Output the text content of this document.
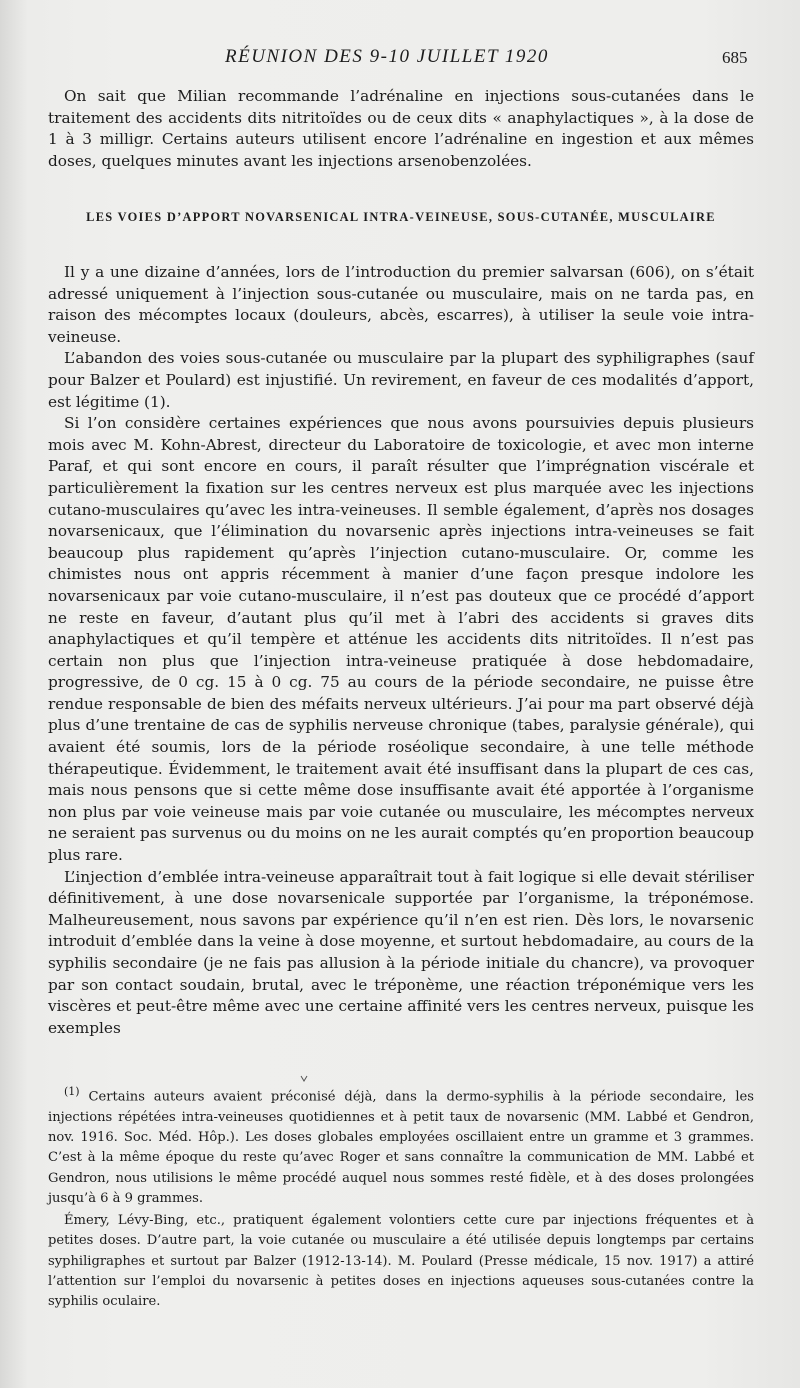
RÉUNION DES 9-10 JUILLET 1920	685

On sait que Milian recommande l’adrénaline en injections sous-cutanées dans le traitement des accidents dits nitritoïdes ou de ceux dits « anaphylactiques », à la dose de 1 à 3 milligr. Certains auteurs utilisent encore l’adrénaline en ingestion et aux mêmes doses, quelques minutes avant les injections arsenobenzolées.

LES VOIES D’APPORT NOVARSENICAL INTRA-VEINEUSE, SOUS-CUTANÉE, MUSCULAIRE

Il y a une dizaine d’années, lors de l’introduction du premier salvarsan (606), on s’était adressé uniquement à l’injection sous-cutanée ou musculaire, mais on ne tarda pas, en raison des mécomptes locaux (douleurs, abcès, escarres), à utiliser la seule voie intra-veineuse.

L’abandon des voies sous-cutanée ou musculaire par la plupart des syphiligraphes (sauf pour Balzer et Poulard) est injustifié. Un revirement, en faveur de ces modalités d’apport, est légitime (1).

Si l’on considère certaines expériences que nous avons poursuivies depuis plusieurs mois avec M. Kohn-Abrest, directeur du Laboratoire de toxicologie, et avec mon interne Paraf, et qui sont encore en cours, il paraît résulter que l’imprégnation viscérale et particulièrement la fixation sur les centres nerveux est plus marquée avec les injections cutano-musculaires qu’avec les intra-veineuses. Il semble également, d’après nos dosages novarsenicaux, que l’élimination du novarsenic après injections intra-veineuses se fait beaucoup plus rapidement qu’après l’injection cutano-musculaire. Or, comme les chimistes nous ont appris récemment à manier d’une façon presque indolore les novarsenicaux par voie cutano-musculaire, il n’est pas douteux que ce procédé d’apport ne reste en faveur, d’autant plus qu’il met à l’abri des accidents si graves dits anaphylactiques et qu’il tempère et atténue les accidents dits nitritoïdes. Il n’est pas certain non plus que l’injection intra-veineuse pratiquée à dose hebdomadaire, progressive, de 0 cg. 15 à 0 cg. 75 au cours de la période secondaire, ne puisse être rendue responsable de bien des méfaits nerveux ultérieurs. J’ai pour ma part observé déjà plus d’une trentaine de cas de syphilis nerveuse chronique (tabes, paralysie générale), qui avaient été soumis, lors de la période roséolique secondaire, à une telle méthode thérapeutique. Évidemment, le traitement avait été insuffisant dans la plupart de ces cas, mais nous pensons que si cette même dose insuffisante avait été apportée à l’organisme non plus par voie veineuse mais par voie cutanée ou musculaire, les mécomptes nerveux ne seraient pas survenus ou du moins on ne les aurait comptés qu’en proportion beaucoup plus rare.

L’injection d’emblée intra-veineuse apparaîtrait tout à fait logique si elle devait stériliser définitivement, à une dose novarsenicale supportée par l’organisme, la tréponémose. Malheureusement, nous savons par expérience qu’il n’en est rien. Dès lors, le novarsenic introduit d’emblée dans la veine à dose moyenne, et surtout hebdomadaire, au cours de la syphilis secondaire (je ne fais pas allusion à la période initiale du chancre), va provoquer par son contact soudain, brutal, avec le tréponème, une réaction tréponémique vers les viscères et peut-être même avec une certaine affinité vers les centres nerveux, puisque les exemples

$^{(1)}$ Certains auteurs avaient préconisé déjà, dans la dermo-syphilis à la période secondaire, les injections répétées intra-veineuses quotidiennes et à petit taux de novarsenic (MM. Labbé et Gendron, nov. 1916. Soc. Méd. Hôp.). Les doses globales employées oscillaient entre un gramme et 3 grammes. C’est à la même époque du reste qu’avec Roger et sans connaître la communication de MM. Labbé et Gendron, nous utilisions le même procédé auquel nous sommes resté fidèle, et à des doses prolongées jusqu’à 6 à 9 grammes.

Émery, Lévy-Bing, etc., pratiquent également volontiers cette cure par injections fréquentes et à petites doses. D’autre part, la voie cutanée ou musculaire a été utilisée depuis longtemps par certains syphiligraphes et surtout par Balzer (1912-13-14). M. Poulard (Presse médicale, 15 nov. 1917) a attiré l’attention sur l’emploi du novarsenic à petites doses en injections aqueuses sous-cutanées contre la syphilis oculaire.
